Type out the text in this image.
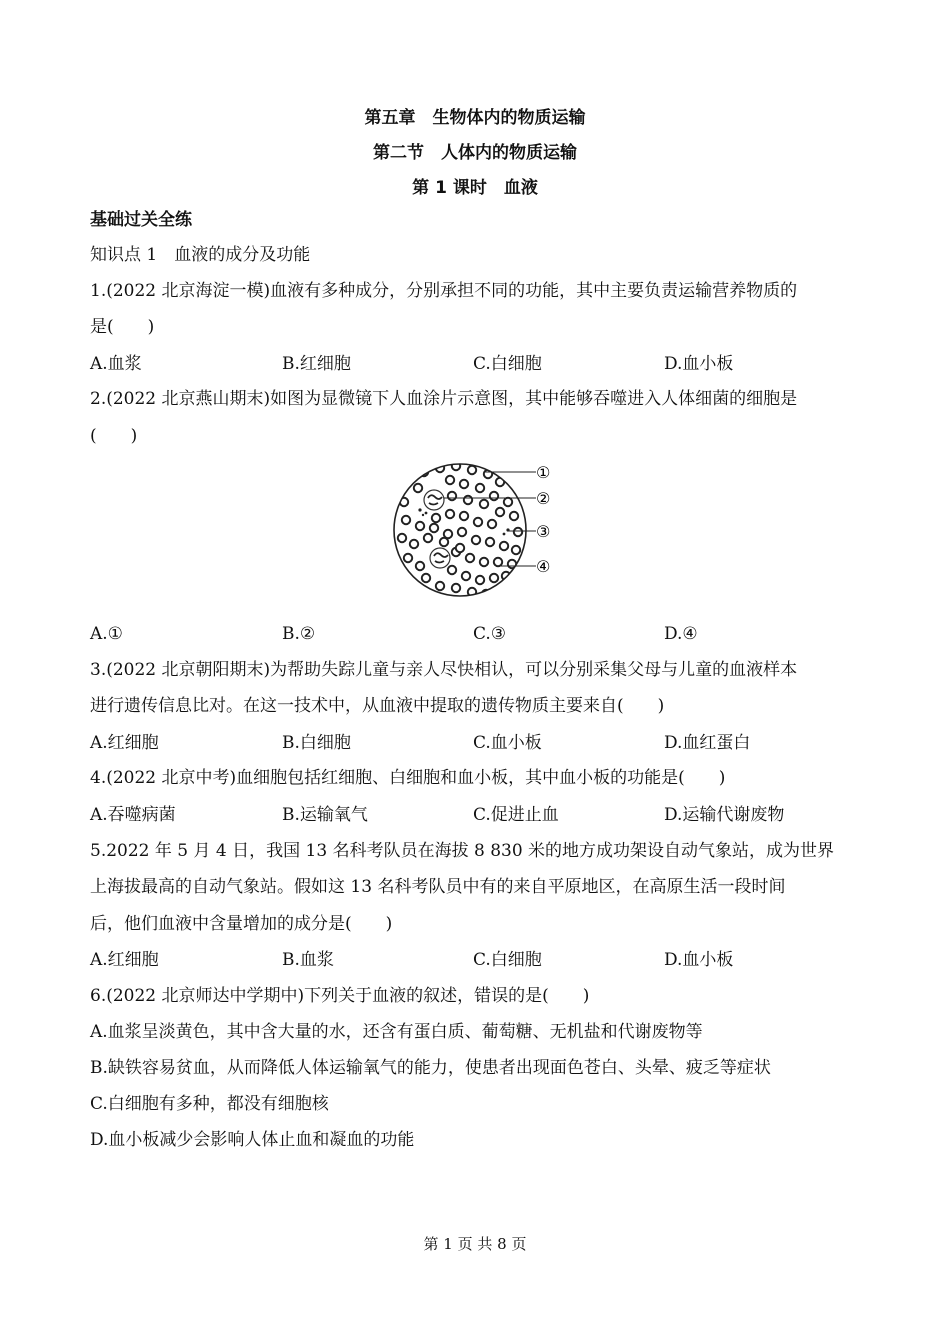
第五章　生物体内的物质运输
第二节　人体内的物质运输
第 1 课时　血液
基础过关全练
知识点 1　血液的成分及功能
1.(2022 北京海淀一模)血液有多种成分，分别承担不同的功能，其中主要负责运输营养物质的
是(　　)
A.血浆	B.红细胞	C.白细胞	D.血小板
2.(2022 北京燕山期末)如图为显微镜下人血涂片示意图，其中能够吞噬进入人体细菌的细胞是
(　　)
①
②
③
④
A.①	B.②	C.③	D.④
3.(2022 北京朝阳期末)为帮助失踪儿童与亲人尽快相认，可以分别采集父母与儿童的血液样本
进行遗传信息比对。在这一技术中，从血液中提取的遗传物质主要来自(　　)
A.红细胞	B.白细胞	C.血小板	D.血红蛋白
4.(2022 北京中考)血细胞包括红细胞、白细胞和血小板，其中血小板的功能是(　　)
A.吞噬病菌	B.运输氧气	C.促进止血	D.运输代谢废物
5.2022 年 5 月 4 日，我国 13 名科考队员在海拔 8 830 米的地方成功架设自动气象站，成为世界
上海拔最高的自动气象站。假如这 13 名科考队员中有的来自平原地区，在高原生活一段时间
后，他们血液中含量增加的成分是(　　)
A.红细胞	B.血浆	C.白细胞	D.血小板
6.(2022 北京师达中学期中)下列关于血液的叙述，错误的是(　　)
A.血浆呈淡黄色，其中含大量的水，还含有蛋白质、葡萄糖、无机盐和代谢废物等
B.缺铁容易贫血，从而降低人体运输氧气的能力，使患者出现面色苍白、头晕、疲乏等症状
C.白细胞有多种，都没有细胞核
D.血小板减少会影响人体止血和凝血的功能
第 1 页 共 8 页
